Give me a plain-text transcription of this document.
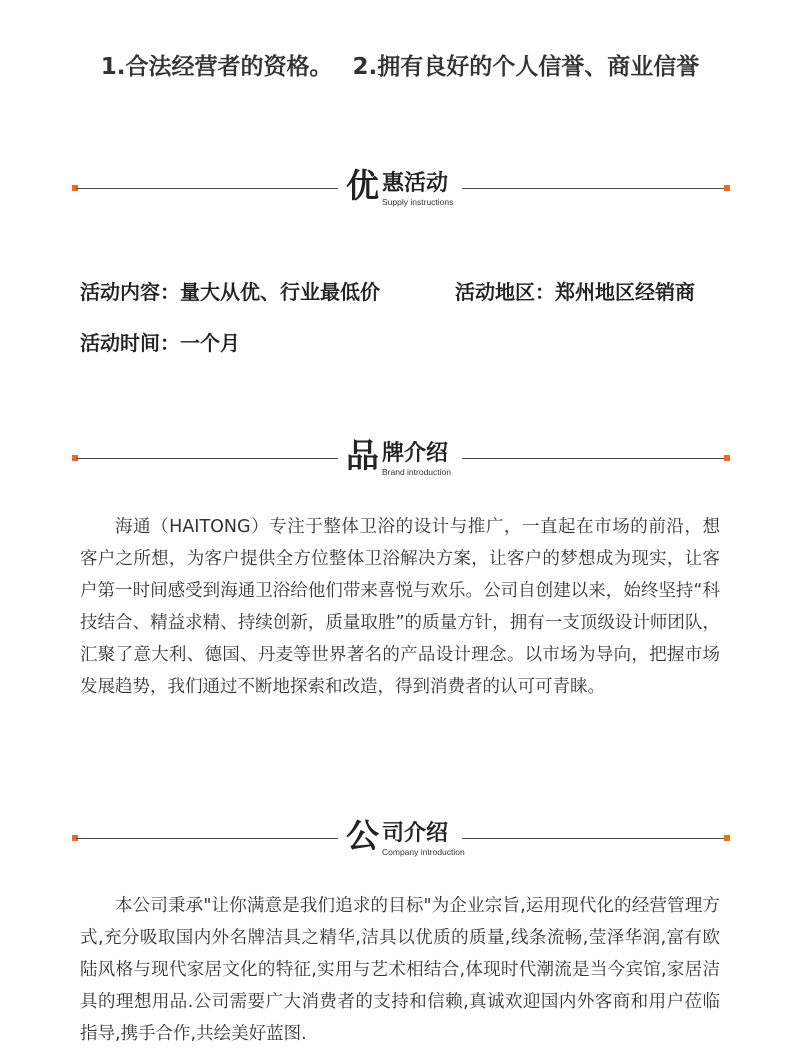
1.合法经营者的资格。 2.拥有良好的个人信誉、商业信誉
优 惠活动
Supply instructions
活动内容：量大从优、行业最低价	活动地区：郑州地区经销商
活动时间：一个月
品 牌介绍
Brand introduction
海通（HAITONG）专注于整体卫浴的设计与推广，一直起在市场的前沿，想客户之所想，为客户提供全方位整体卫浴解决方案，让客户的梦想成为现实，让客户第一时间感受到海通卫浴给他们带来喜悦与欢乐。公司自创建以来，始终坚持“科技结合、精益求精、持续创新，质量取胜”的质量方针，拥有一支顶级设计师团队，汇聚了意大利、德国、丹麦等世界著名的产品设计理念。以市场为导向，把握市场发展趋势，我们通过不断地探索和改造，得到消费者的认可可青睐。
公 司介绍
Company introduction
本公司秉承"让你满意是我们追求的目标"为企业宗旨,运用现代化的经营管理方式,充分吸取国内外名牌洁具之精华,洁具以优质的质量,线条流畅,莹泽华润,富有欧陆风格与现代家居文化的特征,实用与艺术相结合,体现时代潮流是当今宾馆,家居洁具的理想用品.公司需要广大消费者的支持和信赖,真诚欢迎国内外客商和用户莅临指导,携手合作,共绘美好蓝图.
